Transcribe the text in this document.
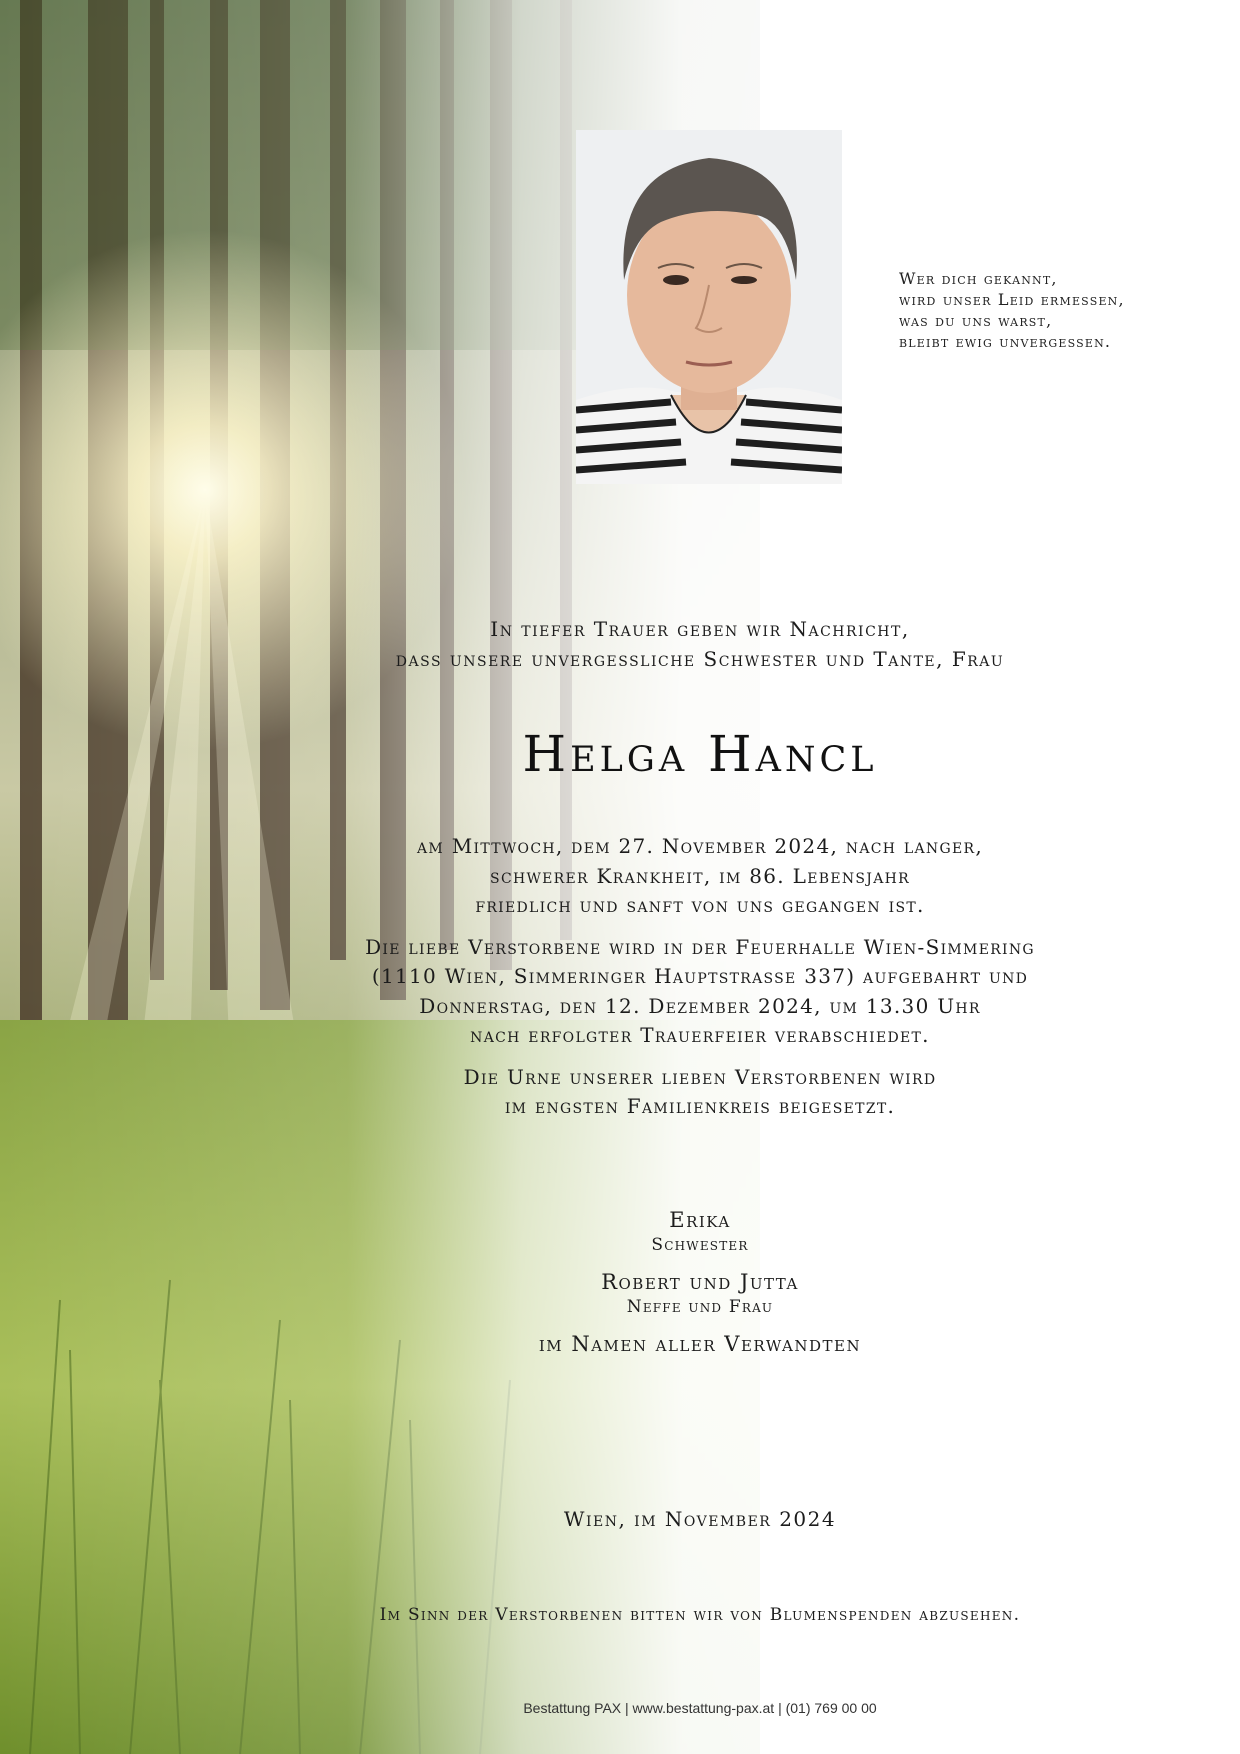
Wer dich gekannt,
wird unser Leid ermessen,
was du uns warst,
bleibt ewig unvergessen.
In tiefer Trauer geben wir Nachricht,
dass unsere unvergessliche Schwester und Tante, Frau
Helga Hancl
am Mittwoch, dem 27. November 2024, nach langer,
schwerer Krankheit, im 86. Lebensjahr
friedlich und sanft von uns gegangen ist.
Die liebe Verstorbene wird in der Feuerhalle Wien-Simmering
(1110 Wien, Simmeringer Hauptstrasse 337) aufgebahrt und
Donnerstag, den 12. Dezember 2024, um 13.30 Uhr
nach erfolgter Trauerfeier verabschiedet.
Die Urne unserer lieben Verstorbenen wird
im engsten Familienkreis beigesetzt.
Erika
Schwester
Robert und Jutta
Neffe und Frau
im Namen aller Verwandten
Wien, im November 2024
Im Sinn der Verstorbenen bitten wir von Blumenspenden abzusehen.
Bestattung PAX | www.bestattung-pax.at | (01) 769 00 00
